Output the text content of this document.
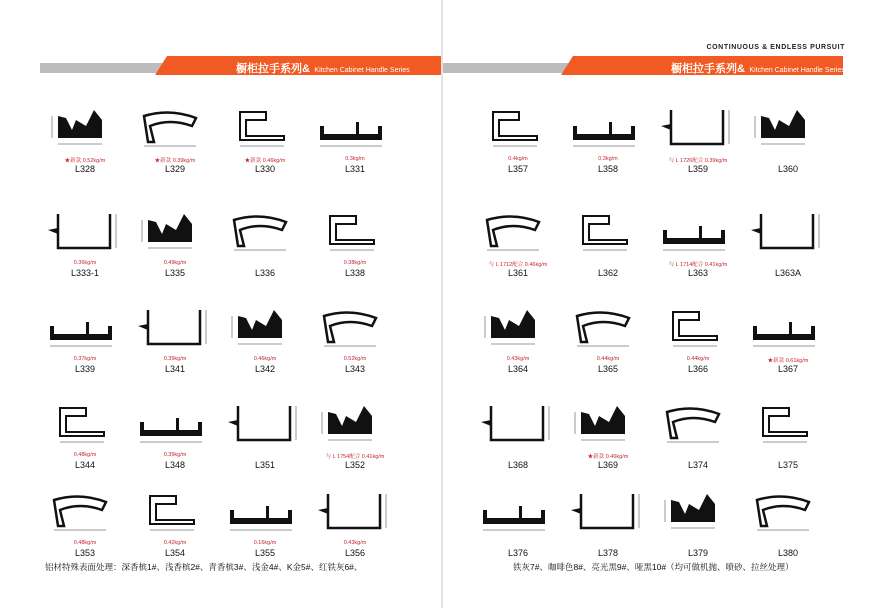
橱柜拉手系列& Kitchen Cabinet Handle Series
★新款 0.52kg/m
L328
★新款 0.39kg/m
L329
★新款 0.46kg/m
L330
0.3kg/m
L331
0.36kg/m
L333-1
0.49kg/m
L335	L336
0.38kg/m
L338
0.37kg/m
L339
0.39kg/m
L341
0.46kg/m
L342
0.52kg/m
L343
0.48kg/m
L344
0.39kg/m
L348	L351
与 L 1754配合 0.41kg/m
L352
0.48kg/m
L353
0.42kg/m
L354
0.16kg/m
L355
0.43kg/m
L356
铝材特殊表面处理：深香槟1#、浅香槟2#、青香槟3#、浅金4#、K金5#、红铁灰6#、
CONTINUOUS & ENDLESS PURSUIT
橱柜拉手系列& Kitchen Cabinet Handle Series
0.4kg/m
L357
0.3kg/m
L358
与 L 1726配合 0.39kg/m
L359	L360
与 L 1712配合 0.46kg/m
L361	L362
与 L 1714配合 0.41kg/m
L363	L363A
0.43kg/m
L364
0.44kg/m
L365
0.44kg/m
L366
★新款 0.61kg/m
L367
L368
★新款 0.46kg/m
L369	L374	L375
L376	L378	L379	L380
铁灰7#、咖啡色8#、亮光黑9#、哑黑10#（均可做机抛、喷砂、拉丝处理）
